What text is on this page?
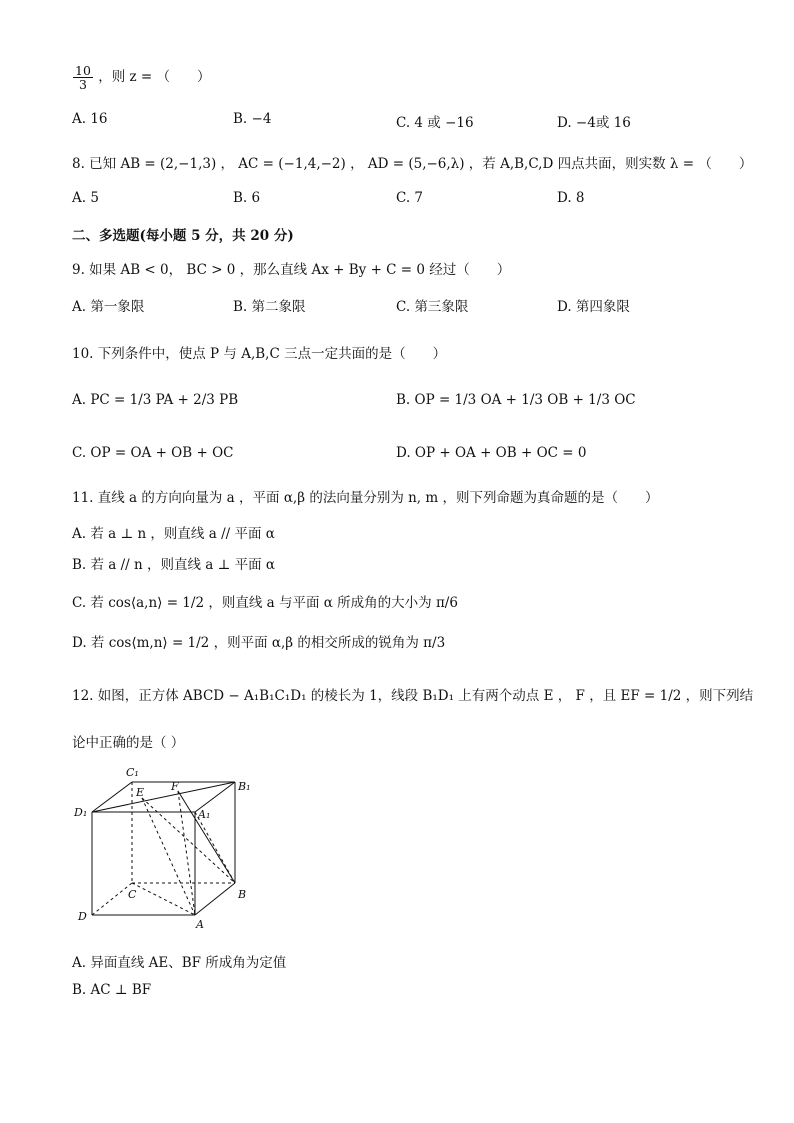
$\frac{10}{3}$ ，则 z = （　　）
A. 16	B. −4	C. 4 或 −16	D. −4或 16
8. 已知 AB = (2,−1,3) ， AC = (−1,4,−2) ， AD = (5,−6,λ) ，若 A,B,C,D 四点共面，则实数 λ = （　　）
A. 5	B. 6	C. 7	D. 8
二、多选题(每小题 5 分，共 20 分)
9. 如果 AB < 0， BC > 0 ，那么直线 Ax + By + C = 0 经过（　　）
A. 第一象限	B. 第二象限	C. 第三象限	D. 第四象限
10. 下列条件中，使点 P 与 A,B,C 三点一定共面的是（　　）
A. PC = 1/3 PA + 2/3 PB	B. OP = 1/3 OA + 1/3 OB + 1/3 OC
C. OP = OA + OB + OC	D. OP + OA + OB + OC = 0
11. 直线 a 的方向向量为 a ，平面 α,β 的法向量分别为 n, m ，则下列命题为真命题的是（　　）
A. 若 a ⊥ n ，则直线 a // 平面 α
B. 若 a // n ，则直线 a ⊥ 平面 α
C. 若 cos⟨a,n⟩ = 1/2 ，则直线 a 与平面 α 所成角的大小为 π/6
D. 若 cos⟨m,n⟩ = 1/2 ，则平面 α,β 的相交所成的锐角为 π/3
12. 如图，正方体 ABCD − A₁B₁C₁D₁ 的棱长为 1，线段 B₁D₁ 上有两个动点 E ， F ，且 EF = 1/2 ，则下列结
论中正确的是（ ）
C₁
B₁
D₁	A₁
E F
B
C
D
A
A. 异面直线 AE、BF 所成角为定值
B. AC ⊥ BF
